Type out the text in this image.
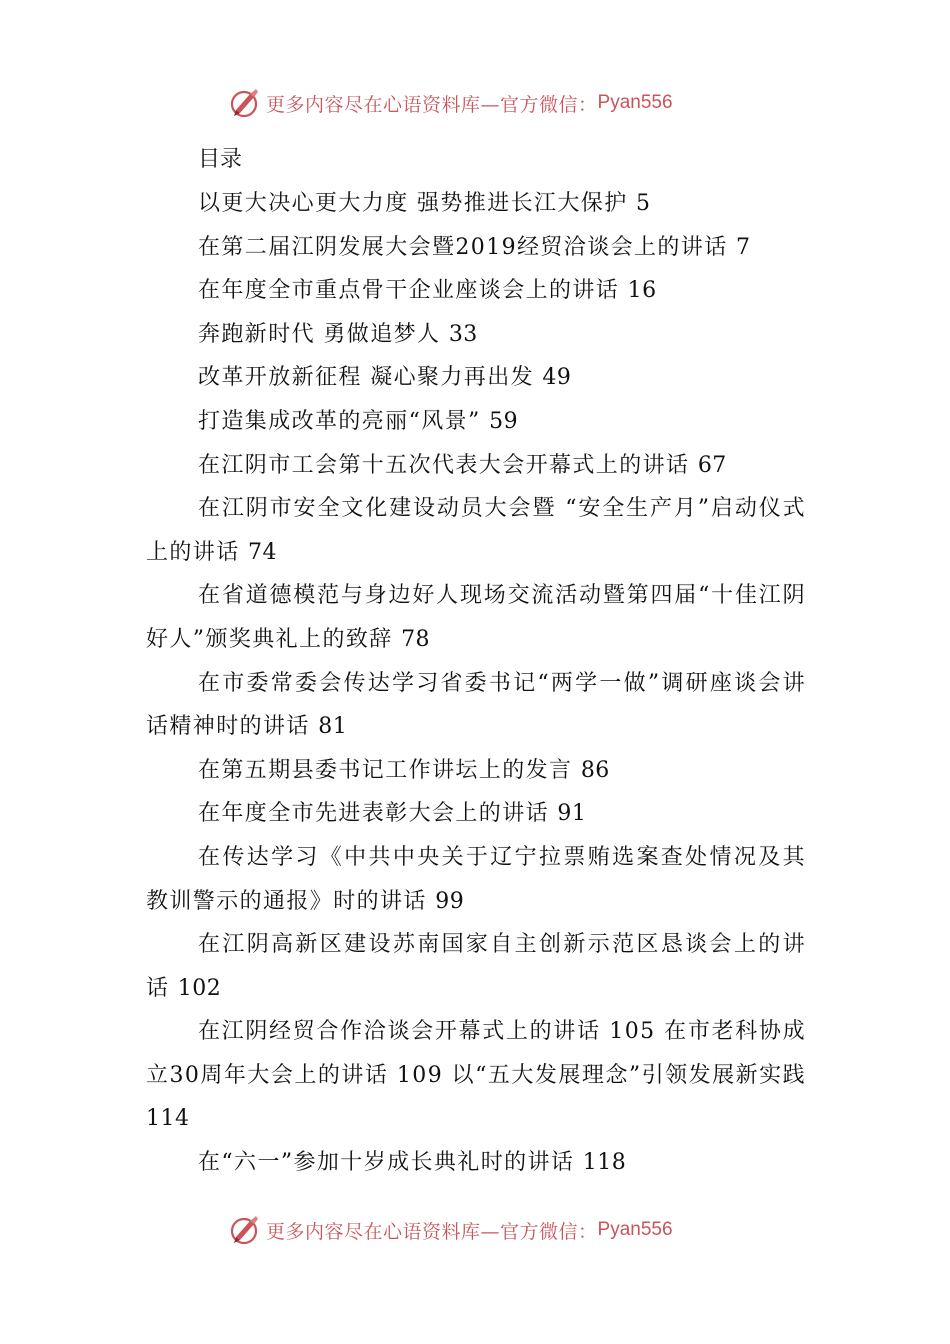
更多内容尽在心语资料库—官方微信： Pyan556
目录
以更大决心更大力度 强势推进长江大保护 5
在第二届江阴发展大会暨2019经贸洽谈会上的讲话 7
在年度全市重点骨干企业座谈会上的讲话 16
奔跑新时代 勇做追梦人 33
改革开放新征程 凝心聚力再出发 49
打造集成改革的亮丽“风景” 59
在江阴市工会第十五次代表大会开幕式上的讲话 67
在江阴市安全文化建设动员大会暨 “安全生产月”启动仪式上的讲话 74
在省道德模范与身边好人现场交流活动暨第四届“十佳江阴好人”颁奖典礼上的致辞 78
在市委常委会传达学习省委书记“两学一做”调研座谈会讲话精神时的讲话 81
在第五期县委书记工作讲坛上的发言 86
在年度全市先进表彰大会上的讲话 91
在传达学习《中共中央关于辽宁拉票贿选案查处情况及其教训警示的通报》时的讲话 99
在江阴高新区建设苏南国家自主创新示范区恳谈会上的讲话 102
在江阴经贸合作洽谈会开幕式上的讲话 105 在市老科协成立30周年大会上的讲话 109 以“五大发展理念”引领发展新实践 114
在“六一”参加十岁成长典礼时的讲话 118
更多内容尽在心语资料库—官方微信： Pyan556
